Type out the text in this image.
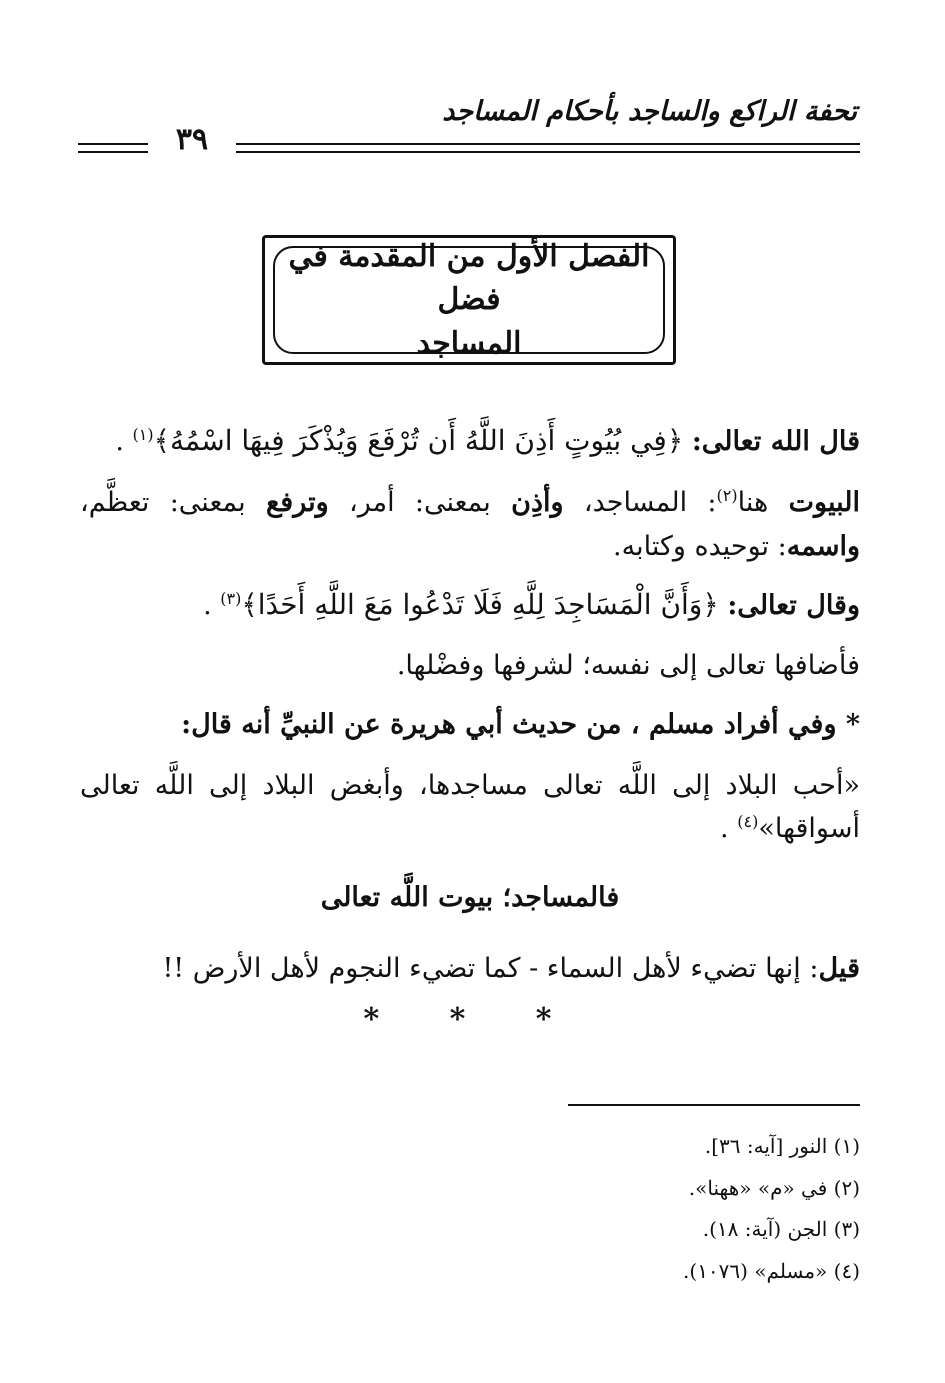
تحفة الراكع والساجد بأحكام المساجد
٣٩
الفصل الأول من المقدمة في فضل
المساجد
قال الله تعالى: ﴿فِي بُيُوتٍ أَذِنَ اللَّهُ أَن تُرْفَعَ وَيُذْكَرَ فِيهَا اسْمُهُ﴾$^{(١)}$ .
البيوت هنا$^{(٢)}$: المساجد، وأذِن بمعنى: أمر، وترفع بمعنى: تعظَّم،
واسمه: توحيده وكتابه.
وقال تعالى: ﴿وَأَنَّ الْمَسَاجِدَ لِلَّهِ فَلَا تَدْعُوا مَعَ اللَّهِ أَحَدًا﴾$^{(٣)}$ .
فأضافها تعالى إلى نفسه؛ لشرفها وفضْلها.
* وفي أفراد مسلم ، من حديث أبي هريرة عن النبيِّ أنه قال:
«أحب البلاد إلى اللَّه تعالى مساجدها، وأبغض البلاد إلى اللَّه تعالى
أسواقها»$^{(٤)}$ .
فالمساجد؛ بيوت اللَّه تعالى
قيل: إنها تضيء لأهل السماء - كما تضيء النجوم لأهل الأرض !!
* * *
(١) النور [آيه: ٣٦].
(٢) في «م» «ههنا».
(٣) الجن (آية: ١٨).
(٤) «مسلم» (١٠٧٦).
